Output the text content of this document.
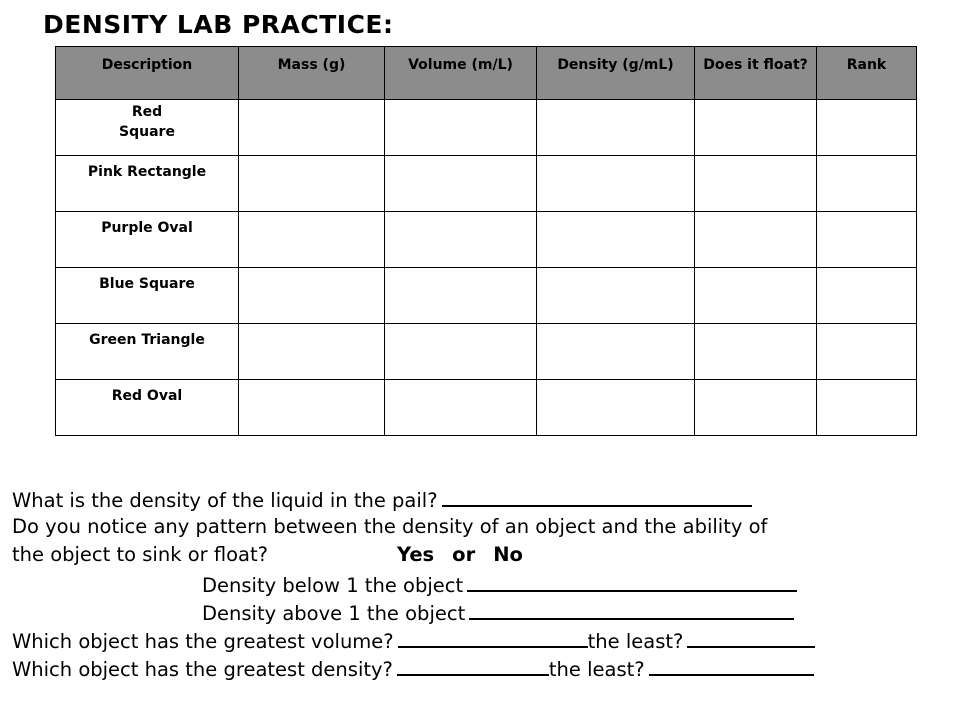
DENSITY LAB PRACTICE:
Description	Mass (g)	Volume (m/L)	Density (g/mL)	Does it float?	Rank
Red
Square					
Pink Rectangle					
Purple Oval					
Blue Square					
Green Triangle					
Red Oval					
What is the density of the liquid in the pail?
Do you notice any pattern between the density of an object and the ability of
the object to sink or float?	Yes or No
Density below 1 the object
Density above 1 the object
Which object has the greatest volume?	the least?
Which object has the greatest density?	the least?
